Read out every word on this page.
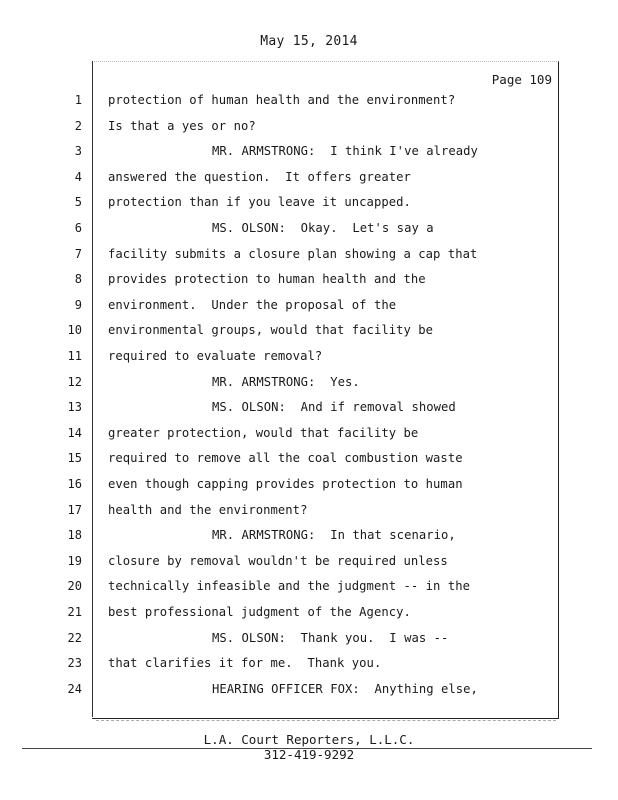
May 15, 2014
Page 109
1 protection of human health and the environment?
2 Is that a yes or no?
3	MR. ARMSTRONG:  I think I've already
4 answered the question.  It offers greater
5 protection than if you leave it uncapped.
6	MS. OLSON:  Okay.  Let's say a
7 facility submits a closure plan showing a cap that
8 provides protection to human health and the
9 environment.  Under the proposal of the
10 environmental groups, would that facility be
11 required to evaluate removal?
12	MR. ARMSTRONG:  Yes.
13	MS. OLSON:  And if removal showed
14 greater protection, would that facility be
15 required to remove all the coal combustion waste
16 even though capping provides protection to human
17 health and the environment?
18	MR. ARMSTRONG:  In that scenario,
19 closure by removal wouldn't be required unless
20 technically infeasible and the judgment -- in the
21 best professional judgment of the Agency.
22	MS. OLSON:  Thank you.  I was --
23 that clarifies it for me.  Thank you.
24	HEARING OFFICER FOX:  Anything else,
L.A. Court Reporters, L.L.C.
312-419-9292
